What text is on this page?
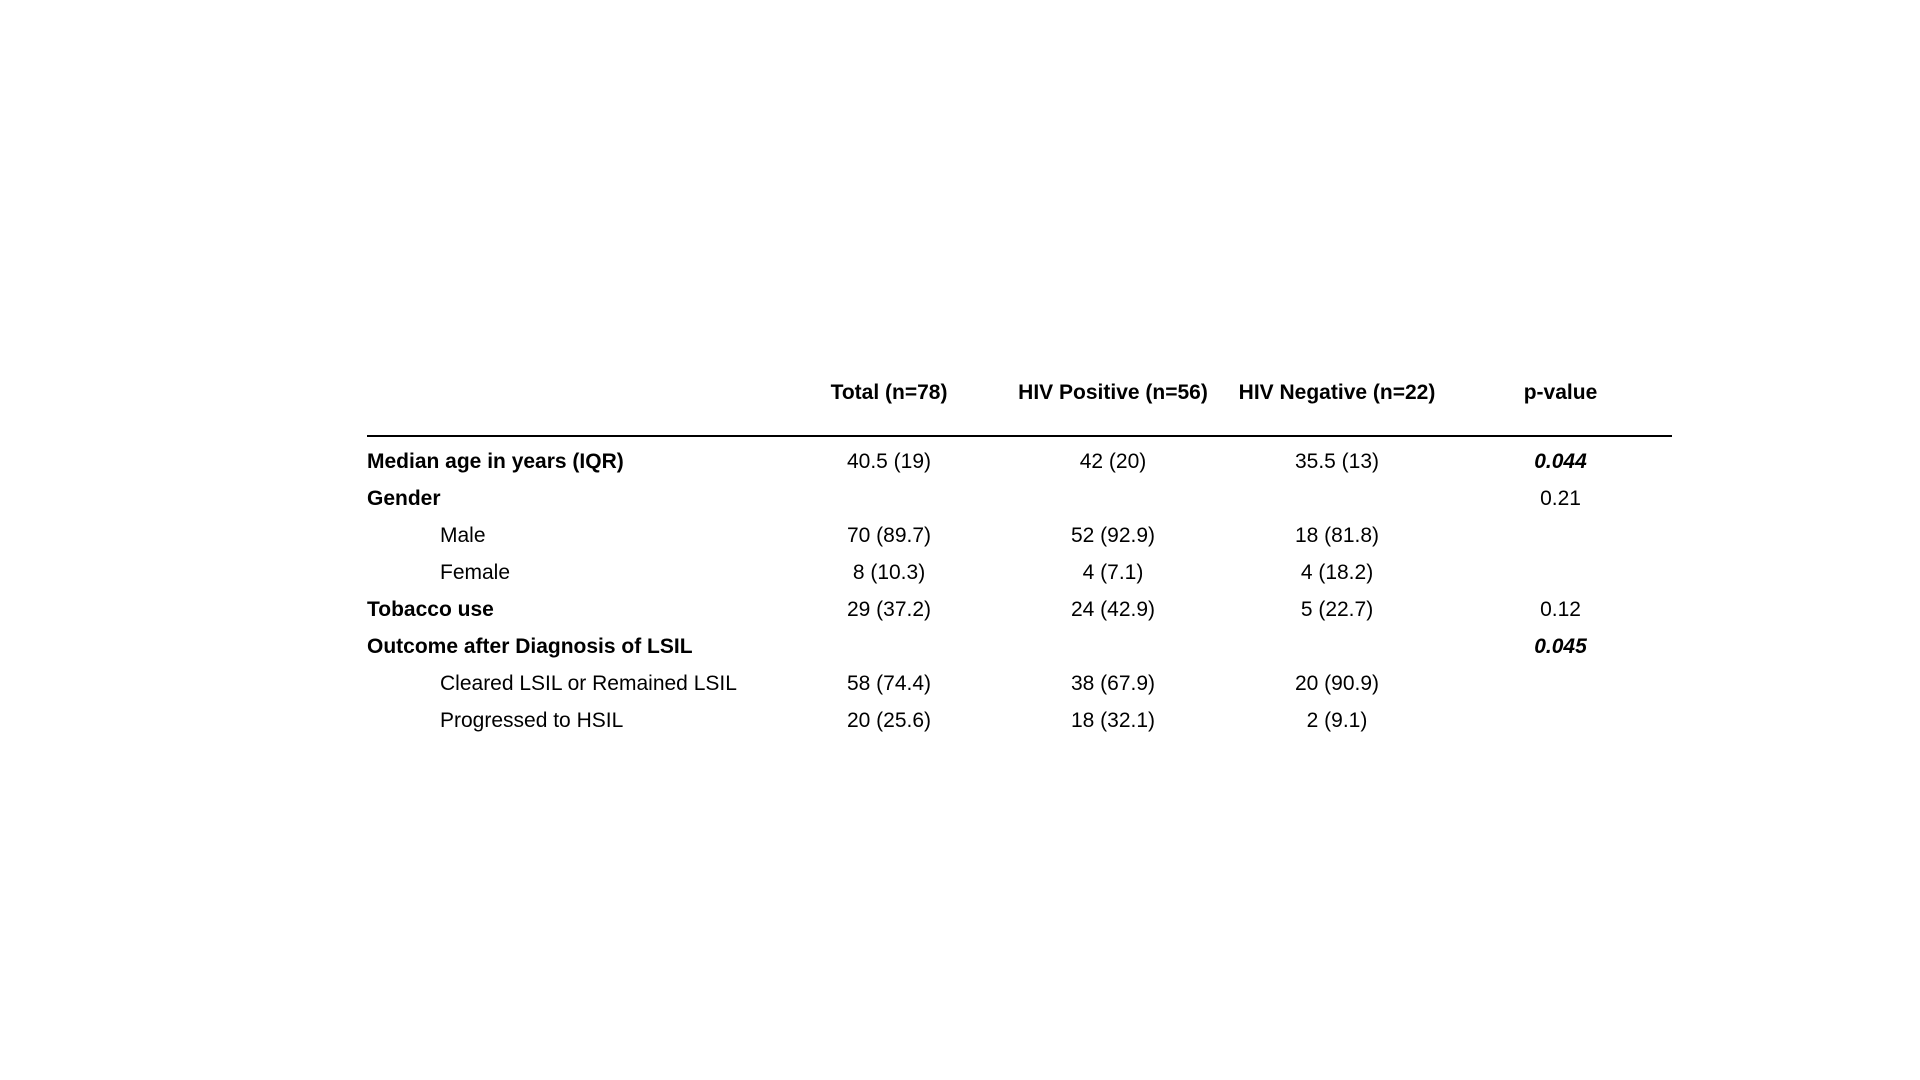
	Total (n=78)	HIV Positive (n=56)	HIV Negative (n=22)	p-value
Median age in years (IQR)	40.5 (19)	42 (20)	35.5 (13)	0.044
Gender				0.21
Male	70 (89.7)	52 (92.9)	18 (81.8)	
Female	8 (10.3)	4 (7.1)	4 (18.2)	
Tobacco use	29 (37.2)	24 (42.9)	5 (22.7)	0.12
Outcome after Diagnosis of LSIL				0.045
Cleared LSIL or Remained LSIL	58 (74.4)	38 (67.9)	20 (90.9)	
Progressed to HSIL	20 (25.6)	18 (32.1)	2 (9.1)	
